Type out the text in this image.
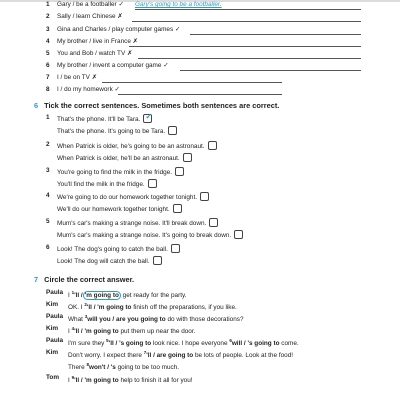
1 Gary / be a footballer ✓ Gary's going to be a footballer.
2 Sally / learn Chinese ✗
3 Gina and Charles / play computer games ✓
4 My brother / live in France ✗
5 You and Bob / watch TV ✗
6 My brother / invent a computer game ✓
7 I / be on TV ✗
8 I / do my homework ✓
6 Tick the correct sentences. Sometimes both sentences are correct.
1 That's the phone. It'll be Tara. ✓
That's the phone. It's going to be Tara.
2 When Patrick is older, he's going to be an astronaut.
When Patrick is older, he'll be an astronaut.
3 You're going to find the milk in the fridge.
You'll find the milk in the fridge.
4 We're going to do our homework together tonight.
We'll do our homework together tonight.
5 Mum's car's making a strange noise. It'll break down.
Mum's car's making a strange noise. It's going to break down.
6 Look! The dog's going to catch the ball.
Look! The dog will catch the ball.
7 Circle the correct answer.
Paula I $^1$'ll / 'm going to get ready for the party.
Kim OK. I $^2$'ll / 'm going to finish off the preparations, if you like.
Paula What $^3$will you / are you going to do with those decorations?
Kim I $^4$'ll / 'm going to put them up near the door.
Paula I'm sure they $^5$'ll / 's going to look nice. I hope everyone $^6$will / 's going to come.
Kim Don't worry. I expect there $^7$'ll / are going to be lots of people. Look at the food!
There $^8$won't / 's going to be too much.
Tom I $^9$'ll / 'm going to help to finish it all for you!
